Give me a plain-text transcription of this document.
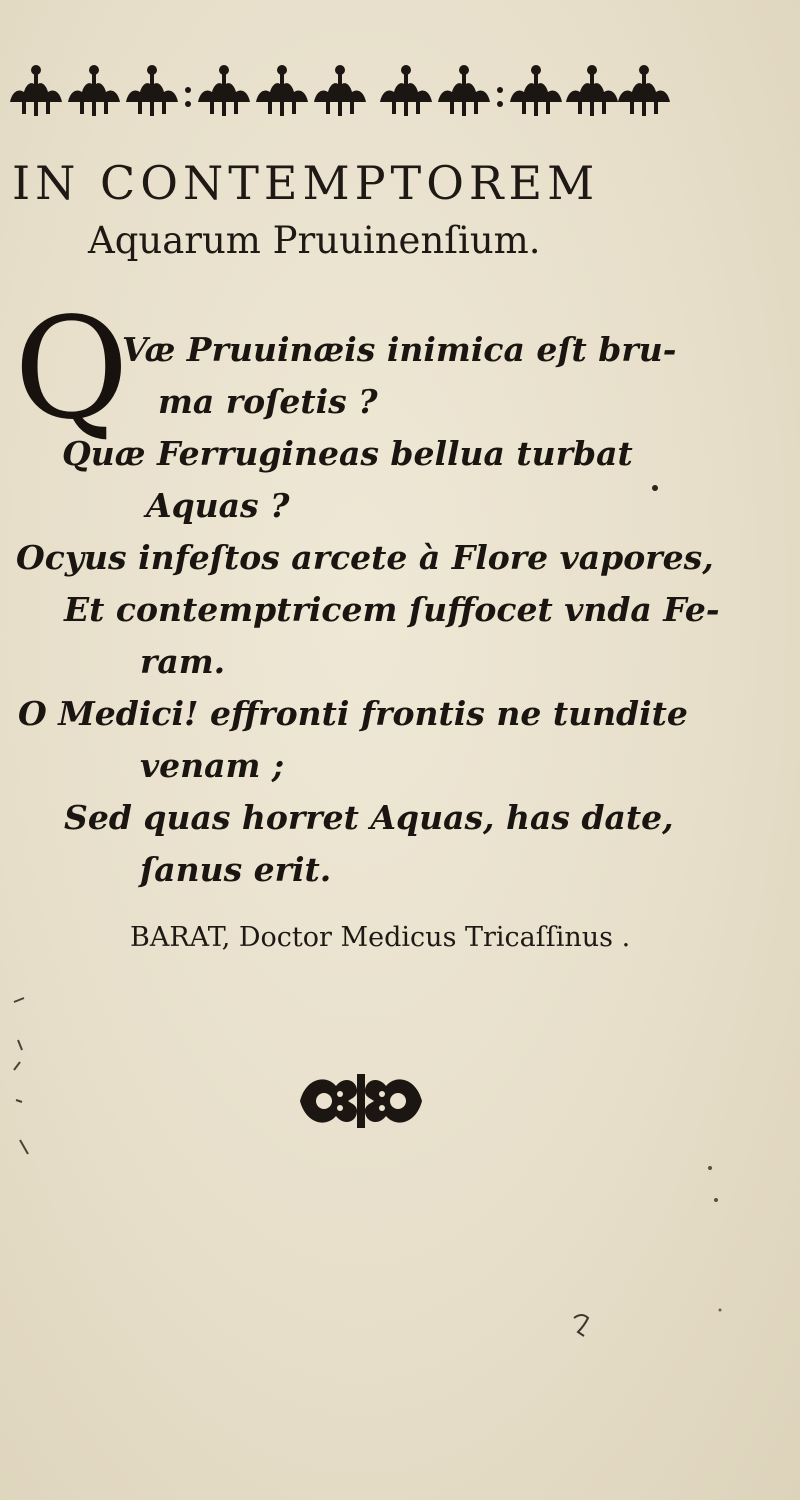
IN CONTEMPTOREM
Aquarum Pruuinenſium.
Q
Væ Pruuinæis inimica eſt bru-
ma roſetis ?
Quæ Ferrugineas bellua turbat
Aquas ?
Ocyus infeſtos arcete à Flore vapores,
Et contemptricem ſuffocet vnda Fe-
ram.
O Medici! effronti frontis ne tundite
venam ;
Sed quas horret Aquas, has date,
ſanus erit.
BARAT, Doctor Medicus Tricaſſinus .
